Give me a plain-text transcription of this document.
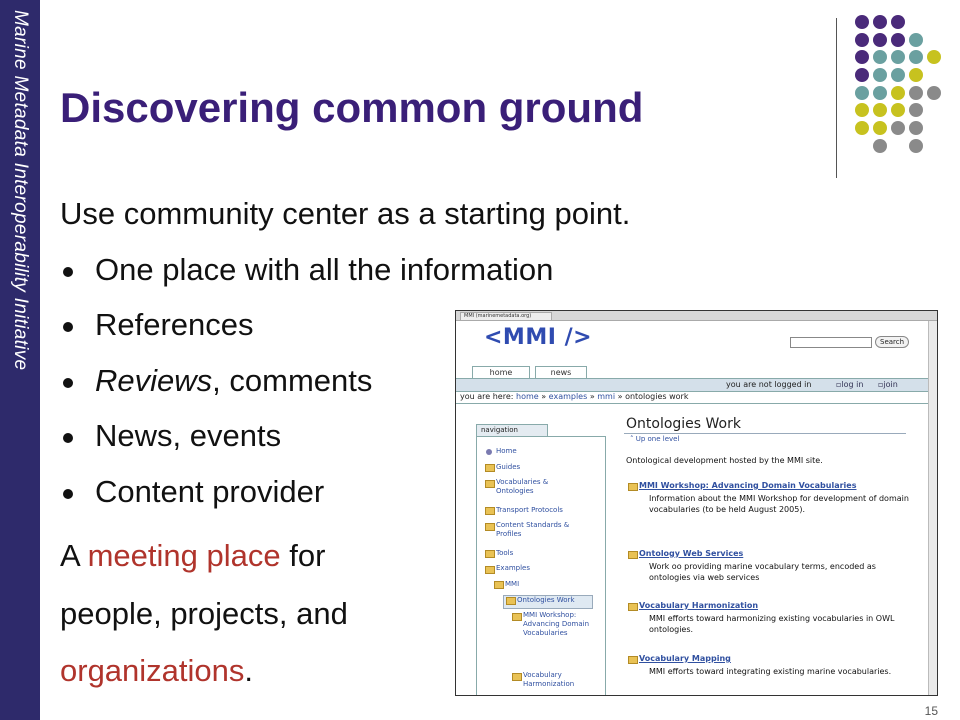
Marine Metadata Interoperability Initiative Discovering common ground
Use community center as a starting point.
One place with all the information
References
Reviews, comments
News, events
Content provider
A meeting place for
people, projects, and
organizations.
MMI (marinemetadata.org)
<MMI />	Search
home	news
you are not logged in	▫log in ▫join
you are here: home » examples » mmi » ontologies work
navigation
Home
Guides
Vocabularies & Ontologies
Transport Protocols
Content Standards & Profiles
Tools
Examples
MMI
Ontologies Work
MMI Workshop: Advancing Domain Vocabularies
Vocabulary Harmonization
Ontologies Work
˄ Up one level
Ontological development hosted by the MMI site.
MMI Workshop: Advancing Domain Vocabularies
Information about the MMI Workshop for development of domain vocabularies (to be held August 2005).
Ontology Web Services
Work oo providing marine vocabulary terms, encoded as ontologies via web services
Vocabulary Harmonization
MMI efforts toward harmonizing existing vocabularies in OWL ontologies.
Vocabulary Mapping
MMI efforts toward integrating existing marine vocabularies.
15
